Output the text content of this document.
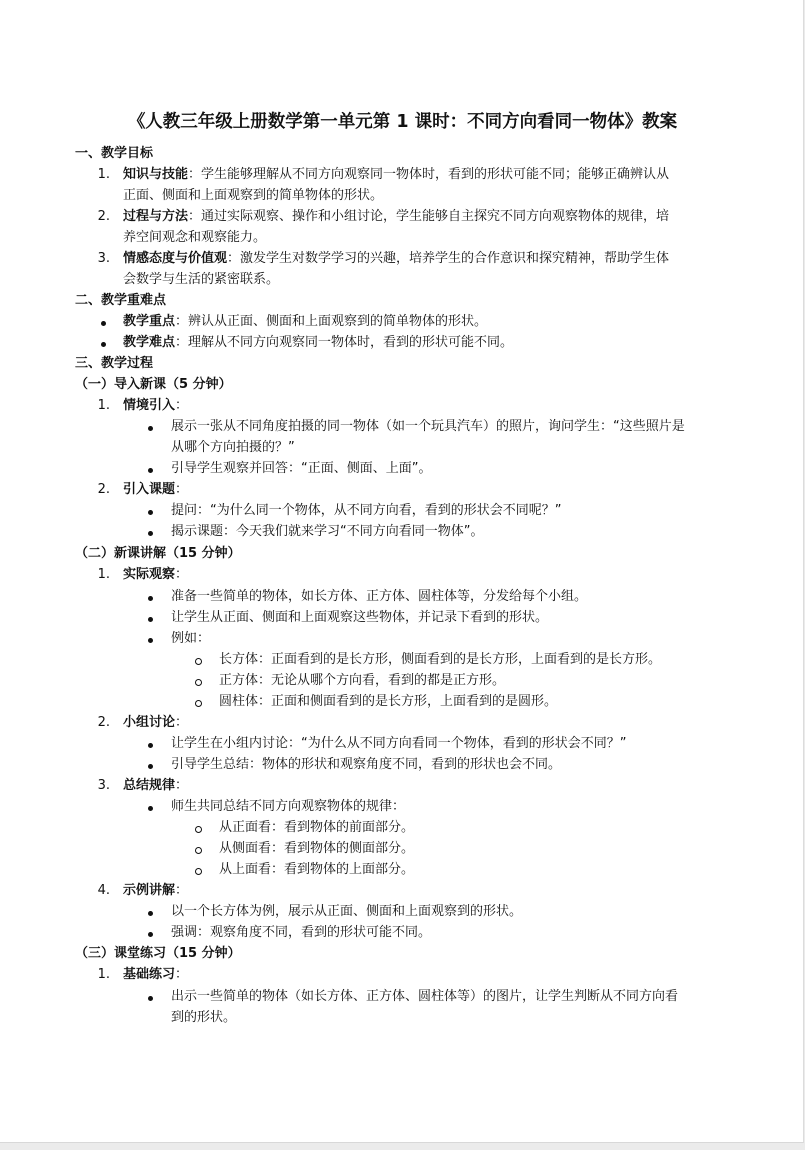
《人教三年级上册数学第一单元第 1 课时：不同方向看同一物体》教案
一、教学目标
1. 知识与技能：学生能够理解从不同方向观察同一物体时，看到的形状可能不同；能够正确辨认从
正面、侧面和上面观察到的简单物体的形状。
2. 过程与方法：通过实际观察、操作和小组讨论，学生能够自主探究不同方向观察物体的规律，培
养空间观念和观察能力。
3. 情感态度与价值观：激发学生对数学学习的兴趣，培养学生的合作意识和探究精神，帮助学生体
会数学与生活的紧密联系。
二、教学重难点
教学重点：辨认从正面、侧面和上面观察到的简单物体的形状。
教学难点：理解从不同方向观察同一物体时，看到的形状可能不同。
三、教学过程
（一）导入新课（5 分钟）
1. 情境引入：
展示一张从不同角度拍摄的同一物体（如一个玩具汽车）的照片，询问学生：“这些照片是
从哪个方向拍摄的？”
引导学生观察并回答：“正面、侧面、上面”。
2. 引入课题：
提问：“为什么同一个物体，从不同方向看，看到的形状会不同呢？”
揭示课题：今天我们就来学习“不同方向看同一物体”。
（二）新课讲解（15 分钟）
1. 实际观察：
准备一些简单的物体，如长方体、正方体、圆柱体等，分发给每个小组。
让学生从正面、侧面和上面观察这些物体，并记录下看到的形状。
例如：
长方体：正面看到的是长方形，侧面看到的是长方形，上面看到的是长方形。
正方体：无论从哪个方向看，看到的都是正方形。
圆柱体：正面和侧面看到的是长方形，上面看到的是圆形。
2. 小组讨论：
让学生在小组内讨论：“为什么从不同方向看同一个物体，看到的形状会不同？”
引导学生总结：物体的形状和观察角度不同，看到的形状也会不同。
3. 总结规律：
师生共同总结不同方向观察物体的规律：
从正面看：看到物体的前面部分。
从侧面看：看到物体的侧面部分。
从上面看：看到物体的上面部分。
4. 示例讲解：
以一个长方体为例，展示从正面、侧面和上面观察到的形状。
强调：观察角度不同，看到的形状可能不同。
（三）课堂练习（15 分钟）
1. 基础练习：
出示一些简单的物体（如长方体、正方体、圆柱体等）的图片，让学生判断从不同方向看
到的形状。
